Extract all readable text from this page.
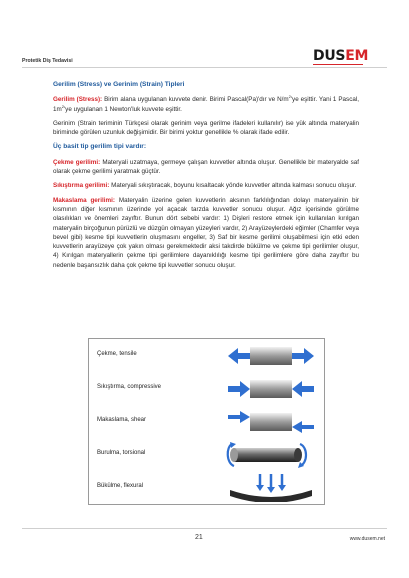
Protetik Diş Tedavisi	DUSEM
Gerilim (Stress) ve Gerinim (Strain) Tipleri

Gerilim (Stress): Birim alana uygulanan kuvvete denir. Birimi Pascal(Pa)'dır ve $N/m^2'ye$ eşittir. Yani 1 Pascal, $1m^2'ye$ uygulanan 1 Newton'luk kuvvete eşittir.

Gerinim (Strain teriminin Türkçesi olarak gerinim veya gerilme ifadeleri kullanılır) ise yük altında materyalin biriminde görülen uzunluk değişimidir. Bir birimi yoktur genellikle % olarak ifade edilir.

Üç basit tip gerilim tipi vardır:

Çekme gerilimi: Materyali uzatmaya, germeye çalışan kuvvetler altında oluşur. Genellikle bir materyalde saf olarak çekme gerilimi yaratmak güçtür.

Sıkıştırma gerilimi: Materyali sıkıştıracak, boyunu kısaltacak yönde kuvvetler altında kalması sonucu oluşur.

Makaslama gerilimi: Materyalin üzerine gelen kuvvetlerin aksının farklılığından dolayı materyalinin bir kısmının diğer kısmının üzerinde yol açacak tarzda kuvvetler sonucu oluşur. Ağız içerisinde görülme olasılıkları ve önemleri zayıftır. Bunun dört sebebi vardır: 1) Dişleri restore etmek için kullanılan kırılgan materyalin birçoğunun pürüzlü ve düzgün olmayan yüzeyleri vardır, 2) Arayüzeylerdeki eğimler (Chamfer veya bevel gibi) kesme tipi kuvvetlerin oluşmasını engeller, 3) Saf bir kesme gerilimi oluşabilmesi için etki eden kuvvetlerin arayüzeye çok yakın olması gerekmektedir aksi takdirde bükülme ve çekme tipi gerilimler oluşur, 4) Kırılgan materyallerin çekme tipi gerilimlere dayanıklılığı kesme tipi gerilimlere göre daha zayıftır bu nedenle başarısızlık daha çok çekme tipi kuvvetler sonucu oluşur.

Çekme, tensile
Sıkıştırma, compressive
Makaslama, shear
Burulma, torsional
Bükülme, flexural
21	www.dusem.net
